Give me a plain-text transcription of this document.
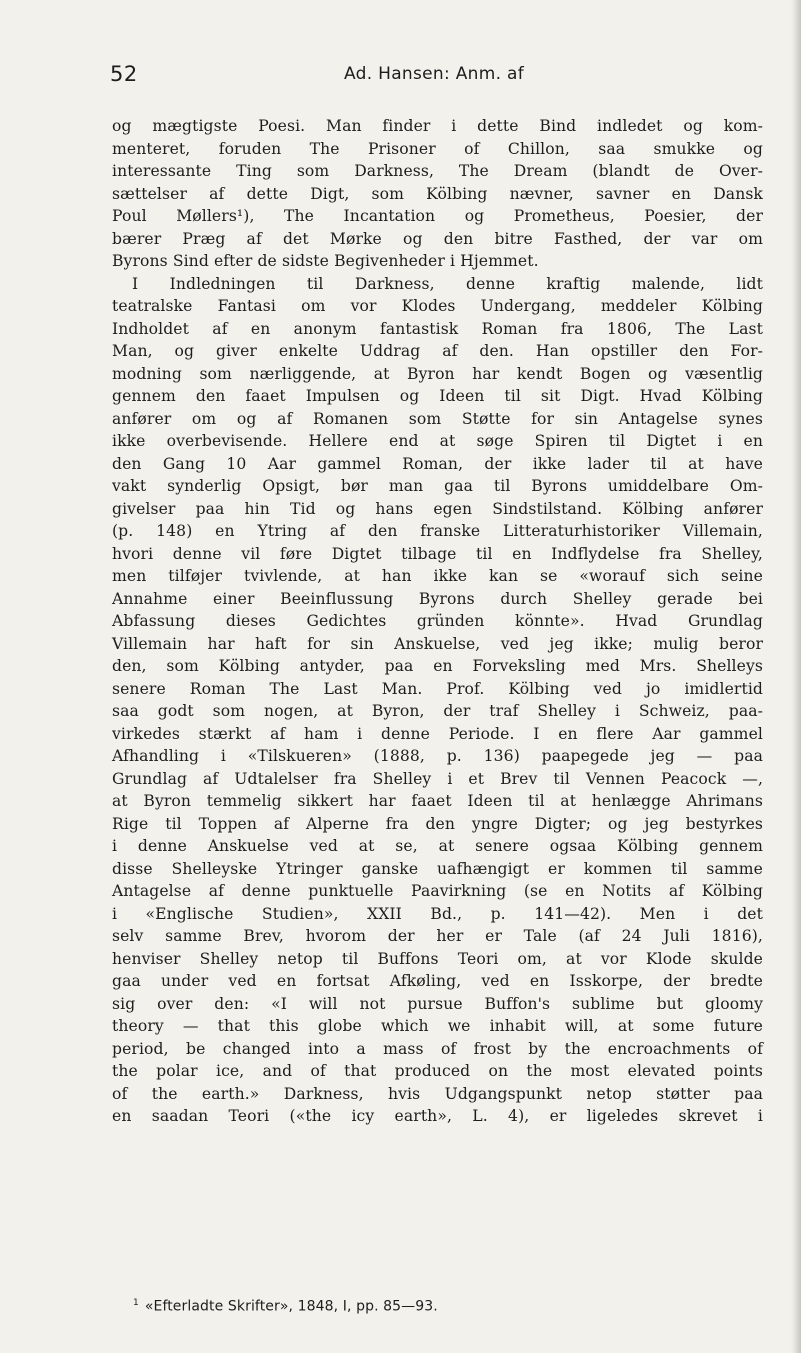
52	Ad. Hansen: Anm. af
og mægtigste Poesi. Man finder i dette Bind indledet og kom-
menteret, foruden The Prisoner of Chillon, saa smukke og
interessante Ting som Darkness, The Dream (blandt de Over-
sættelser af dette Digt, som Kölbing nævner, savner en Dansk
Poul Møllers¹), The Incantation og Prometheus, Poesier, der
bærer Præg af det Mørke og den bitre Fasthed, der var om
Byrons Sind efter de sidste Begivenheder i Hjemmet.
I Indledningen til Darkness, denne kraftig malende, lidt
teatralske Fantasi om vor Klodes Undergang, meddeler Kölbing
Indholdet af en anonym fantastisk Roman fra 1806, The Last
Man, og giver enkelte Uddrag af den. Han opstiller den For-
modning som nærliggende, at Byron har kendt Bogen og væsentlig
gennem den faaet Impulsen og Ideen til sit Digt. Hvad Kölbing
anfører om og af Romanen som Støtte for sin Antagelse synes
ikke overbevisende. Hellere end at søge Spiren til Digtet i en
den Gang 10 Aar gammel Roman, der ikke lader til at have
vakt synderlig Opsigt, bør man gaa til Byrons umiddelbare Om-
givelser paa hin Tid og hans egen Sindstilstand. Kölbing anfører
(p. 148) en Ytring af den franske Litteraturhistoriker Villemain,
hvori denne vil føre Digtet tilbage til en Indflydelse fra Shelley,
men tilføjer tvivlende, at han ikke kan se «worauf sich seine
Annahme einer Beeinflussung Byrons durch Shelley gerade bei
Abfassung dieses Gedichtes gründen könnte». Hvad Grundlag
Villemain har haft for sin Anskuelse, ved jeg ikke; mulig beror
den, som Kölbing antyder, paa en Forveksling med Mrs. Shelleys
senere Roman The Last Man. Prof. Kölbing ved jo imidlertid
saa godt som nogen, at Byron, der traf Shelley i Schweiz, paa-
virkedes stærkt af ham i denne Periode. I en flere Aar gammel
Afhandling i «Tilskueren» (1888, p. 136) paapegede jeg — paa
Grundlag af Udtalelser fra Shelley i et Brev til Vennen Peacock —,
at Byron temmelig sikkert har faaet Ideen til at henlægge Ahrimans
Rige til Toppen af Alperne fra den yngre Digter; og jeg bestyrkes
i denne Anskuelse ved at se, at senere ogsaa Kölbing gennem
disse Shelleyske Ytringer ganske uafhængigt er kommen til samme
Antagelse af denne punktuelle Paavirkning (se en Notits af Kölbing
i «Englische Studien», XXII Bd., p. 141—42). Men i det
selv samme Brev, hvorom der her er Tale (af 24 Juli 1816),
henviser Shelley netop til Buffons Teori om, at vor Klode skulde
gaa under ved en fortsat Afkøling, ved en Isskorpe, der bredte
sig over den: «I will not pursue Buffon's sublime but gloomy
theory — that this globe which we inhabit will, at some future
period, be changed into a mass of frost by the encroachments of
the polar ice, and of that produced on the most elevated points
of the earth.» Darkness, hvis Udgangspunkt netop støtter paa
en saadan Teori («the icy earth», L. 4), er ligeledes skrevet i
$^1$ «Efterladte Skrifter», 1848, I, pp. 85—93.
